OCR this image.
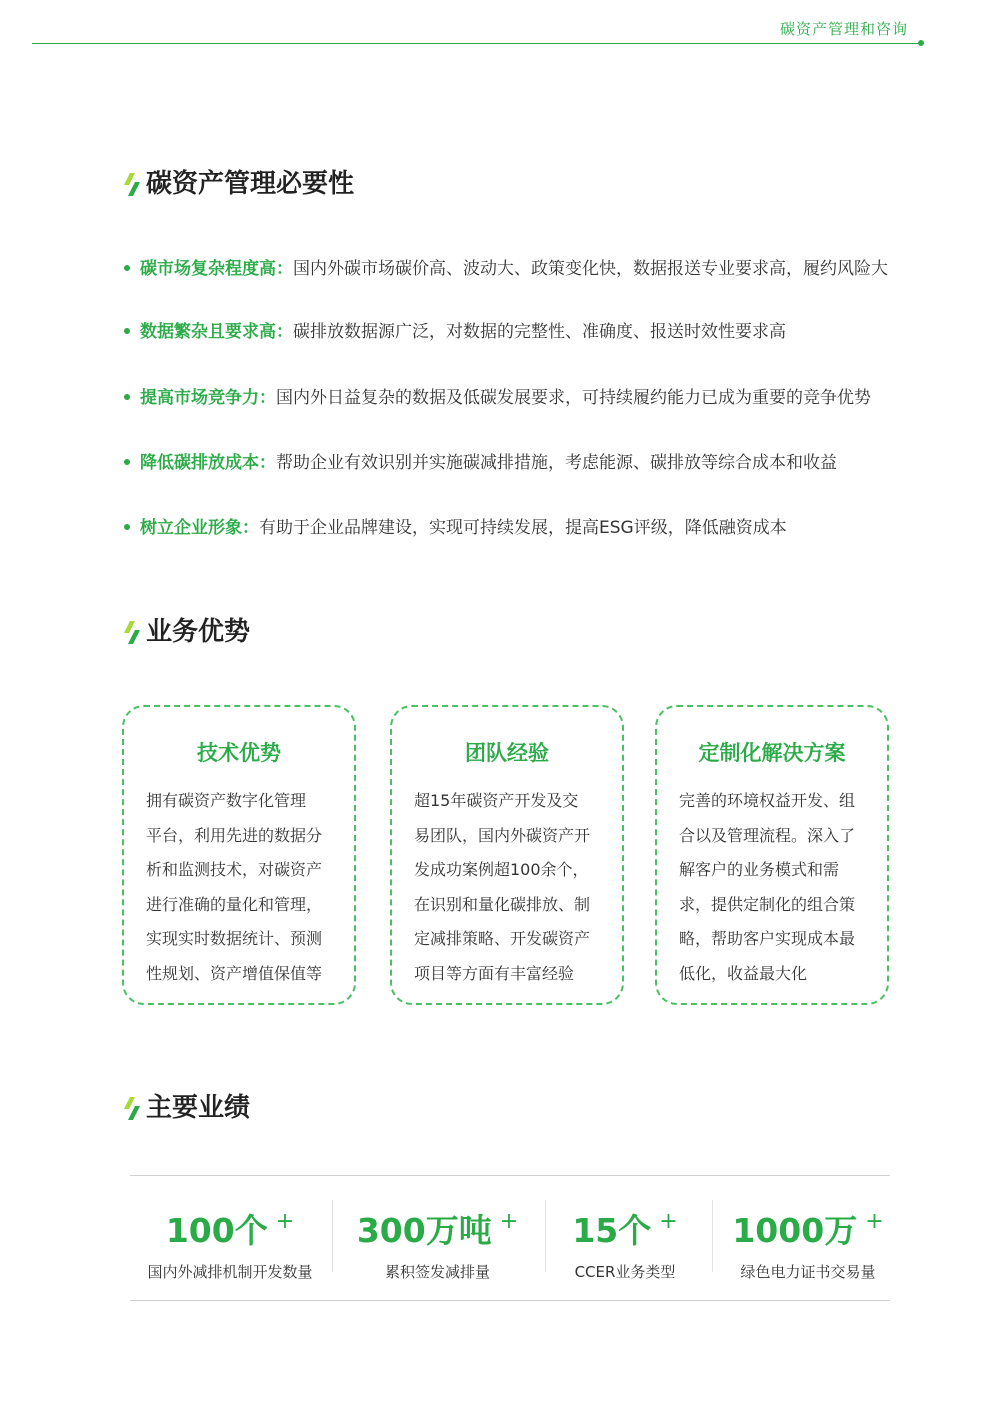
碳资产管理和咨询
碳资产管理必要性
碳市场复杂程度高：国内外碳市场碳价高、波动大、政策变化快，数据报送专业要求高，履约风险大
数据繁杂且要求高：碳排放数据源广泛，对数据的完整性、准确度、报送时效性要求高
提高市场竞争力：国内外日益复杂的数据及低碳发展要求，可持续履约能力已成为重要的竞争优势
降低碳排放成本：帮助企业有效识别并实施碳减排措施，考虑能源、碳排放等综合成本和收益
树立企业形象：有助于企业品牌建设，实现可持续发展，提高ESG评级，降低融资成本
业务优势
技术优势
拥有碳资产数字化管理
平台，利用先进的数据分
析和监测技术，对碳资产
进行准确的量化和管理，
实现实时数据统计、预测
性规划、资产增值保值等
团队经验
超15年碳资产开发及交
易团队，国内外碳资产开
发成功案例超100余个，
在识别和量化碳排放、制
定减排策略、开发碳资产
项目等方面有丰富经验
定制化解决方案
完善的环境权益开发、组
合以及管理流程。深入了
解客户的业务模式和需
求，提供定制化的组合策
略，帮助客户实现成本最
低化，收益最大化
主要业绩
100个 +
国内外减排机制开发数量
300万吨 +
累积签发减排量
15个 +
CCER业务类型
1000万 +
绿色电力证书交易量
